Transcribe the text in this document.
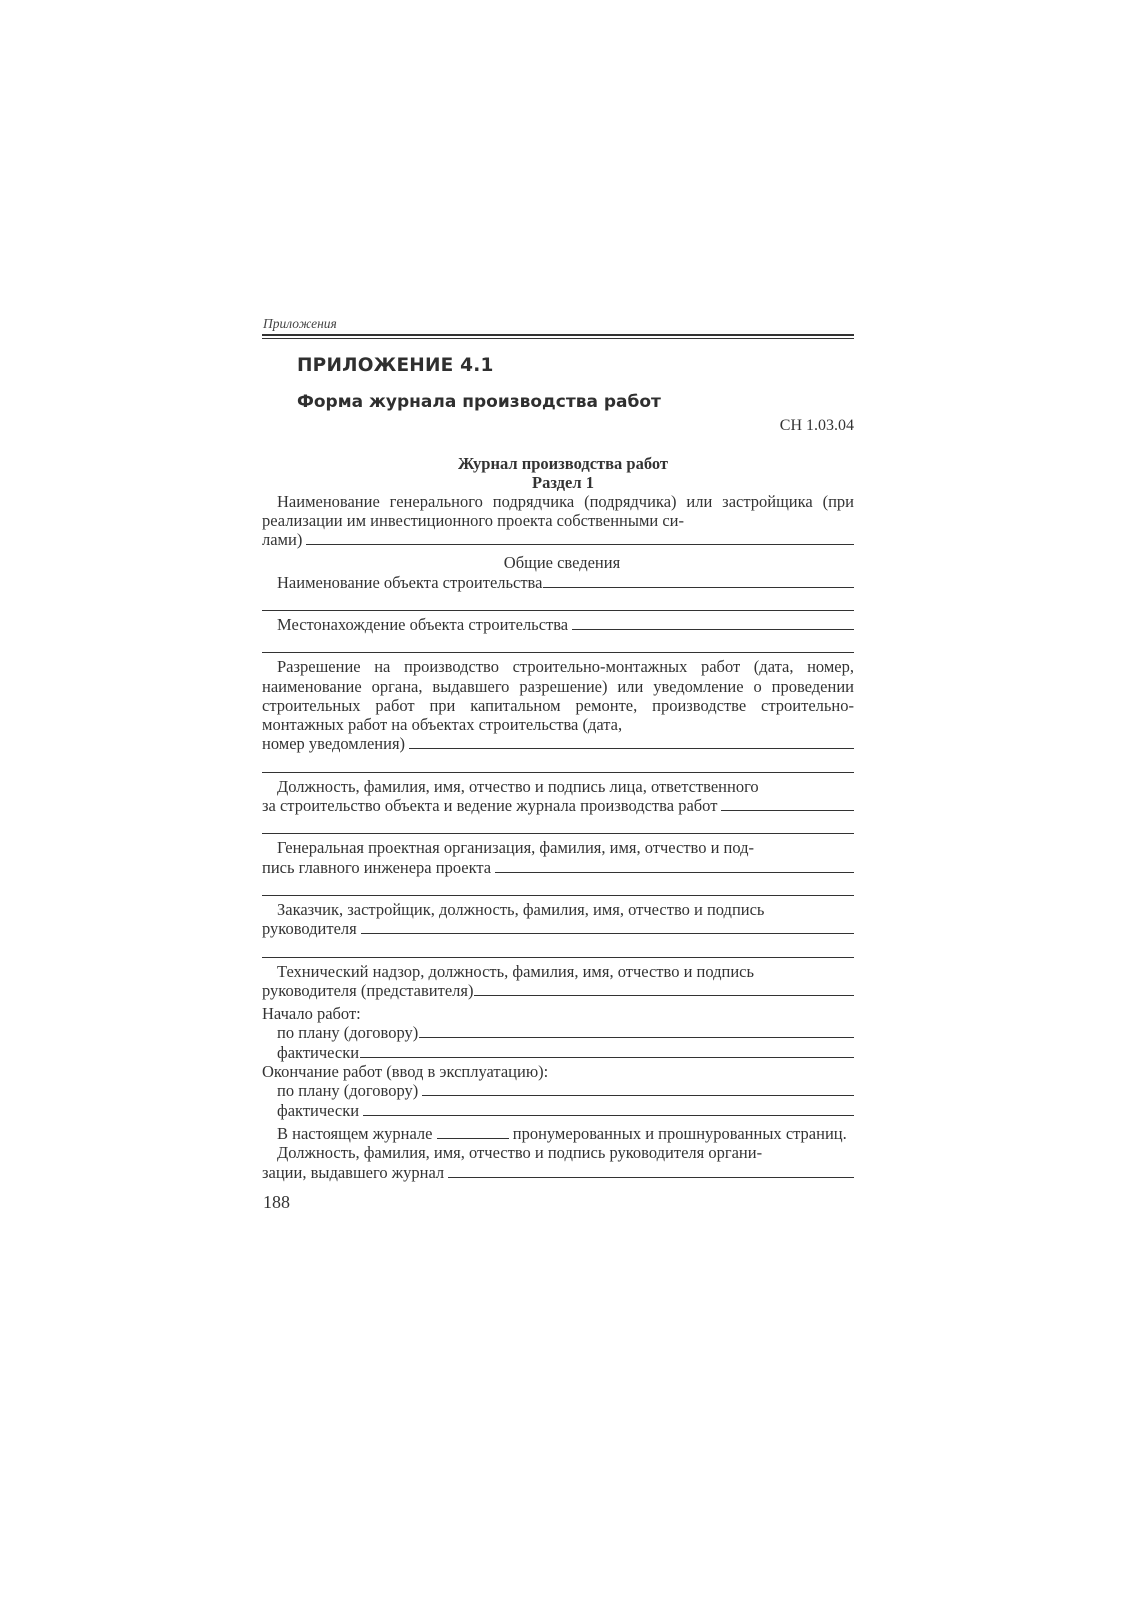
Приложения
ПРИЛОЖЕНИЕ 4.1
Форма журнала производства работ
СН 1.03.04
Журнал производства работ
Раздел 1

Наименование генерального подрядчика (подрядчика) или застройщика (при реализации им инвестиционного проекта собственными си-

лами)
Общие сведения
Наименование объекта строительства
Местонахождение объекта строительства

Разрешение на производство строительно-монтажных работ (дата, номер, наименование органа, выдавшего разрешение) или уведомление о проведении строительных работ при капитальном ремонте, производстве строительно-монтажных работ на объектах строительства (дата,

номер уведомления)

Должность, фамилия, имя, отчество и подпись лица, ответственного

за строительство объекта и ведение журнала производства работ

Генеральная проектная организация, фамилия, имя, отчество и под-

пись главного инженера проекта

Заказчик, застройщик, должность, фамилия, имя, отчество и подпись

руководителя

Технический надзор, должность, фамилия, имя, отчество и подпись

руководителя (представителя)
Начало работ:
по плану (договору)
фактически
Окончание работ (ввод в эксплуатацию):
по плану (договору)
фактически

В настоящем журнале	пронумерованных и прошнурованных страниц.

Должность, фамилия, имя, отчество и подпись руководителя органи-

зации, выдавшего журнал
188
